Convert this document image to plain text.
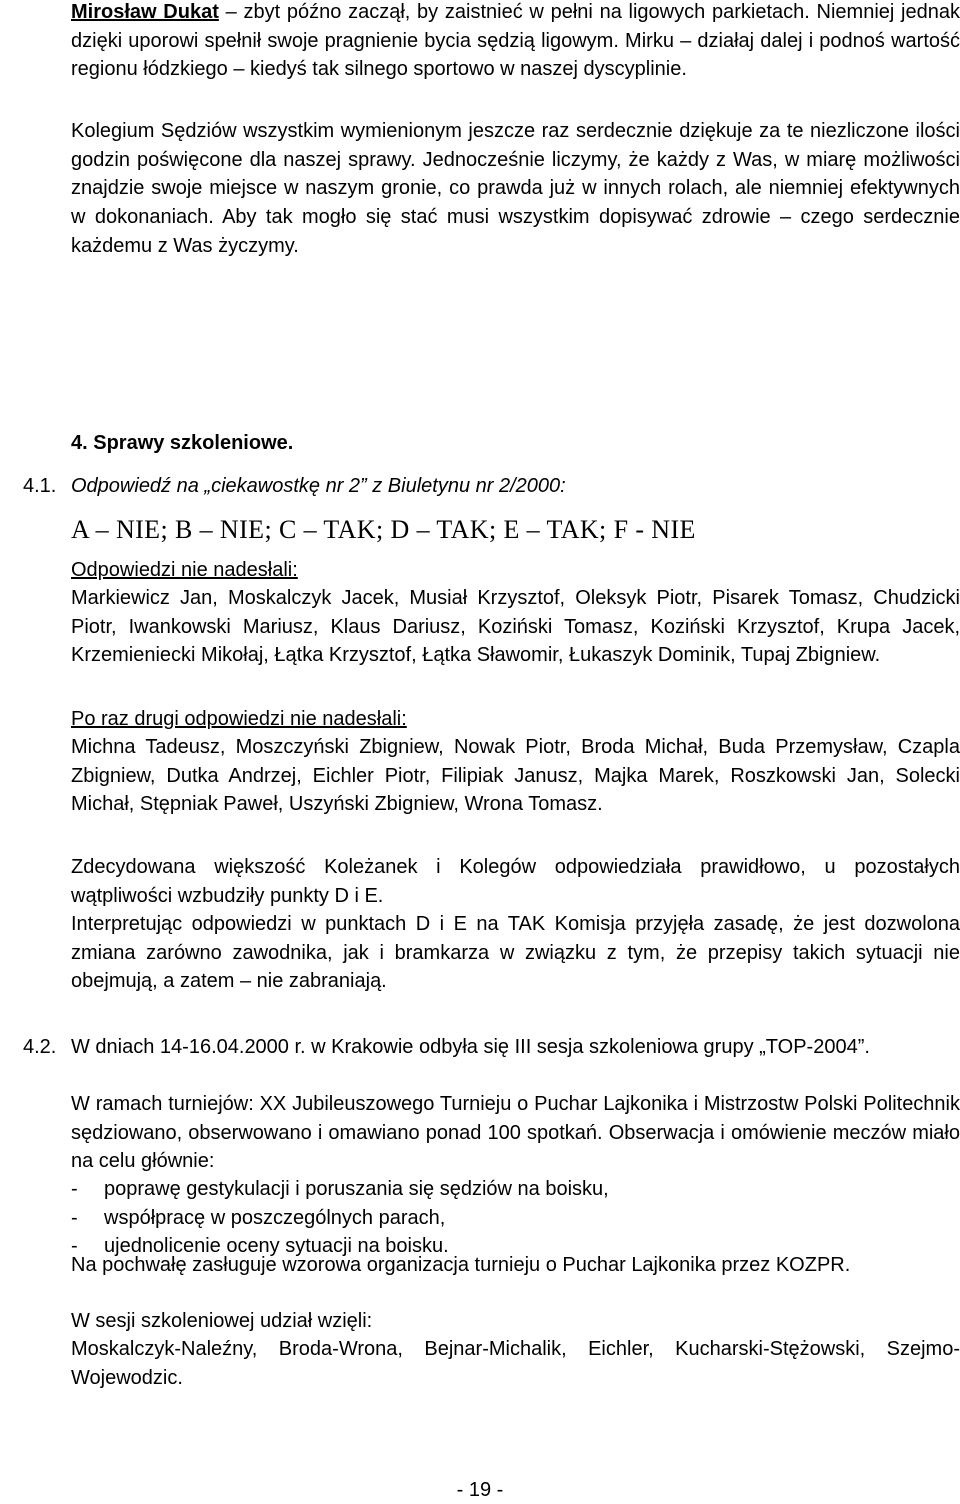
Mirosław Dukat – zbyt późno zaczął, by zaistnieć w pełni na ligowych parkietach. Niemniej jednak dzięki uporowi spełnił swoje pragnienie bycia sędzią ligowym. Mirku – działaj dalej i podnoś wartość regionu łódzkiego – kiedyś tak silnego sportowo w naszej dyscyplinie.

Kolegium Sędziów wszystkim wymienionym jeszcze raz serdecznie dziękuje za te niezliczone ilości godzin poświęcone dla naszej sprawy. Jednocześnie liczymy, że każdy z Was, w miarę możliwości znajdzie swoje miejsce w naszym gronie, co prawda już w innych rolach, ale niemniej efektywnych w dokonaniach. Aby tak mogło się stać musi wszystkim dopisywać zdrowie – czego serdecznie każdemu z Was życzymy.

4. Sprawy szkoleniowe.
4.1. Odpowiedź na „ciekawostkę nr 2” z Biuletynu nr 2/2000:
A – NIE; B – NIE; C – TAK; D – TAK; E – TAK; F - NIE
Odpowiedzi nie nadesłali:

Markiewicz Jan, Moskalczyk Jacek, Musiał Krzysztof, Oleksyk Piotr, Pisarek Tomasz, Chudzicki Piotr, Iwankowski Mariusz, Klaus Dariusz, Koziński Tomasz, Koziński Krzysztof, Krupa Jacek, Krzemieniecki Mikołaj, Łątka Krzysztof, Łątka Sławomir, Łukaszyk Dominik, Tupaj Zbigniew.

Po raz drugi odpowiedzi nie nadesłali:

Michna Tadeusz, Moszczyński Zbigniew, Nowak Piotr, Broda Michał, Buda Przemysław, Czapla Zbigniew, Dutka Andrzej, Eichler Piotr, Filipiak Janusz, Majka Marek, Roszkowski Jan, Solecki Michał, Stępniak Paweł, Uszyński Zbigniew, Wrona Tomasz.

Zdecydowana większość Koleżanek i Kolegów odpowiedziała prawidłowo, u pozostałych wątpliwości wzbudziły punkty D i E.

Interpretując odpowiedzi w punktach D i E na TAK Komisja przyjęła zasadę, że jest dozwolona zmiana zarówno zawodnika, jak i bramkarza w związku z tym, że przepisy takich sytuacji nie obejmują, a zatem – nie zabraniają.

4.2. W dniach 14-16.04.2000 r. w Krakowie odbyła się III sesja szkoleniowa grupy „TOP-2004”.

W ramach turniejów: XX Jubileuszowego Turnieju o Puchar Lajkonika i Mistrzostw Polski Politechnik sędziowano, obserwowano i omawiano ponad 100 spotkań. Obserwacja i omówienie meczów miało na celu głównie:

- poprawę gestykulacji i poruszania się sędziów na boisku,
- współpracę w poszczególnych parach,
- ujednolicenie oceny sytuacji na boisku.

Na pochwałę zasługuje wzorowa organizacja turnieju o Puchar Lajkonika przez KOZPR.

W sesji szkoleniowej udział wzięli:

Moskalczyk-Naleźny, Broda-Wrona, Bejnar-Michalik, Eichler, Kucharski-Stężowski, Szejmo-Wojewodzic.

- 19 -
